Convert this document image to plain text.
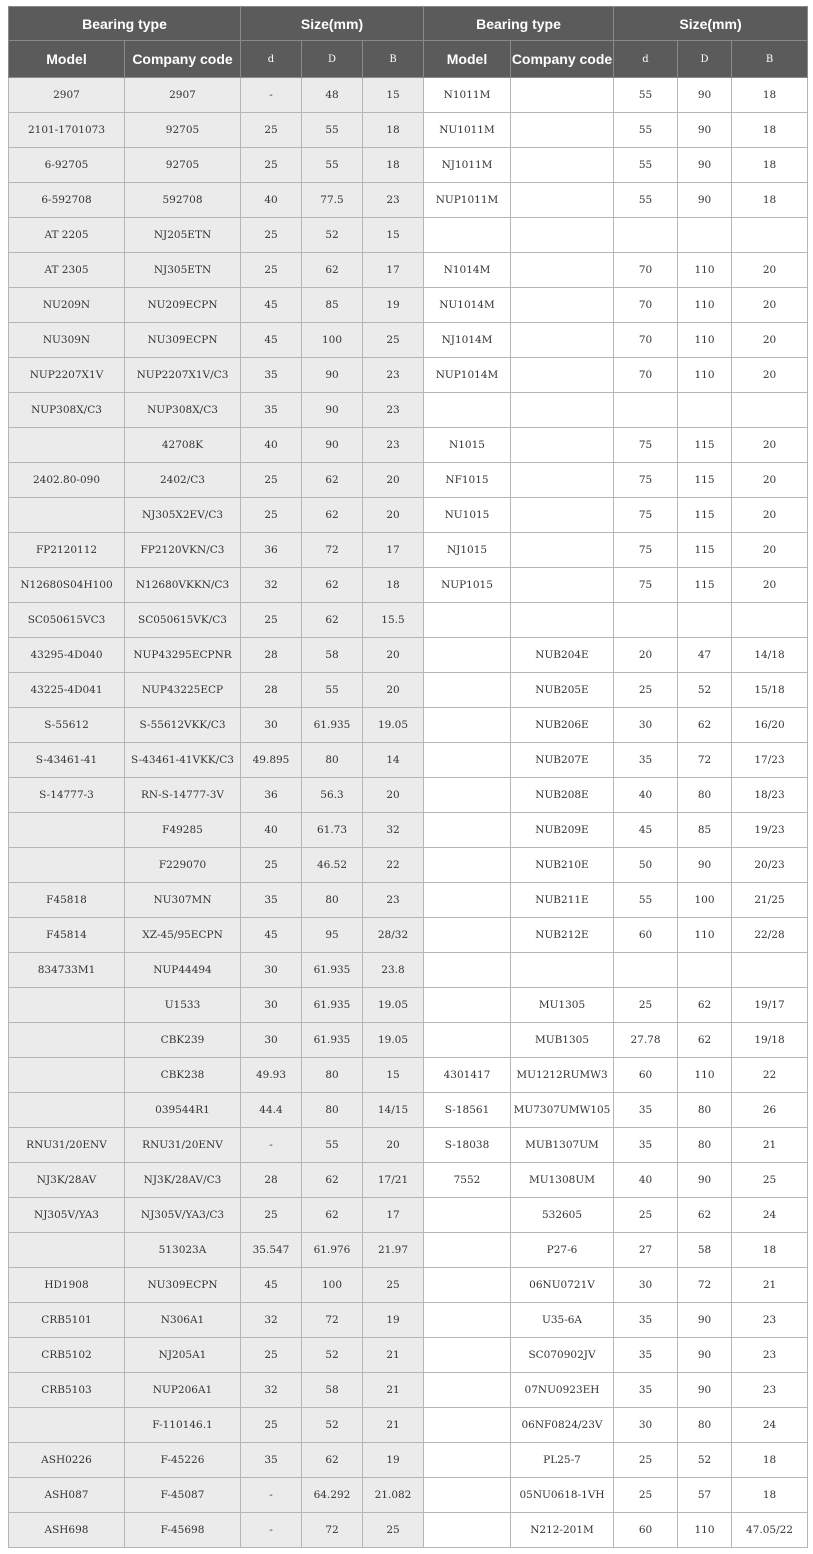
Bearing type		Size(mm)			Bearing type		Size(mm)		
Model	Company code	d	D	B	Model	Company code	d	D	B
2907	2907	-	48	15	N1011M		55	90	18
2101-1701073	92705	25	55	18	NU1011M		55	90	18
6-92705	92705	25	55	18	NJ1011M		55	90	18
6-592708	592708	40	77.5	23	NUP1011M		55	90	18
AT 2205	NJ205ETN	25	52	15					
AT 2305	NJ305ETN	25	62	17	N1014M		70	110	20
NU209N	NU209ECPN	45	85	19	NU1014M		70	110	20
NU309N	NU309ECPN	45	100	25	NJ1014M		70	110	20
NUP2207X1V	NUP2207X1V/C3	35	90	23	NUP1014M		70	110	20
NUP308X/C3	NUP308X/C3	35	90	23					
	42708K	40	90	23	N1015		75	115	20
2402.80-090	2402/C3	25	62	20	NF1015		75	115	20
	NJ305X2EV/C3	25	62	20	NU1015		75	115	20
FP2120112	FP2120VKN/C3	36	72	17	NJ1015		75	115	20
N12680S04H100	N12680VKKN/C3	32	62	18	NUP1015		75	115	20
SC050615VC3	SC050615VK/C3	25	62	15.5					
43295-4D040	NUP43295ECPNR	28	58	20		NUB204E	20	47	14/18
43225-4D041	NUP43225ECP	28	55	20		NUB205E	25	52	15/18
S-55612	S-55612VKK/C3	30	61.935	19.05		NUB206E	30	62	16/20
S-43461-41	S-43461-41VKK/C3	49.895	80	14		NUB207E	35	72	17/23
S-14777-3	RN-S-14777-3V	36	56.3	20		NUB208E	40	80	18/23
	F49285	40	61.73	32		NUB209E	45	85	19/23
	F229070	25	46.52	22		NUB210E	50	90	20/23
F45818	NU307MN	35	80	23		NUB211E	55	100	21/25
F45814	XZ-45/95ECPN	45	95	28/32		NUB212E	60	110	22/28
834733M1	NUP44494	30	61.935	23.8					
	U1533	30	61.935	19.05		MU1305	25	62	19/17
	CBK239	30	61.935	19.05		MUB1305	27.78	62	19/18
	CBK238	49.93	80	15	4301417	MU1212RUMW3	60	110	22
	039544R1	44.4	80	14/15	S-18561	MU7307UMW105	35	80	26
RNU31/20ENV	RNU31/20ENV	-	55	20	S-18038	MUB1307UM	35	80	21
NJ3K/28AV	NJ3K/28AV/C3	28	62	17/21	7552	MU1308UM	40	90	25
NJ305V/YA3	NJ305V/YA3/C3	25	62	17		532605	25	62	24
	513023A	35.547	61.976	21.97		P27-6	27	58	18
HD1908	NU309ECPN	45	100	25		06NU0721V	30	72	21
CRB5101	N306A1	32	72	19		U35-6A	35	90	23
CRB5102	NJ205A1	25	52	21		SC070902JV	35	90	23
CRB5103	NUP206A1	32	58	21		07NU0923EH	35	90	23
	F-110146.1	25	52	21		06NF0824/23V	30	80	24
ASH0226	F-45226	35	62	19		PL25-7	25	52	18
ASH087	F-45087	-	64.292	21.082		05NU0618-1VH	25	57	18
ASH698	F-45698	-	72	25		N212-201M	60	110	47.05/22
